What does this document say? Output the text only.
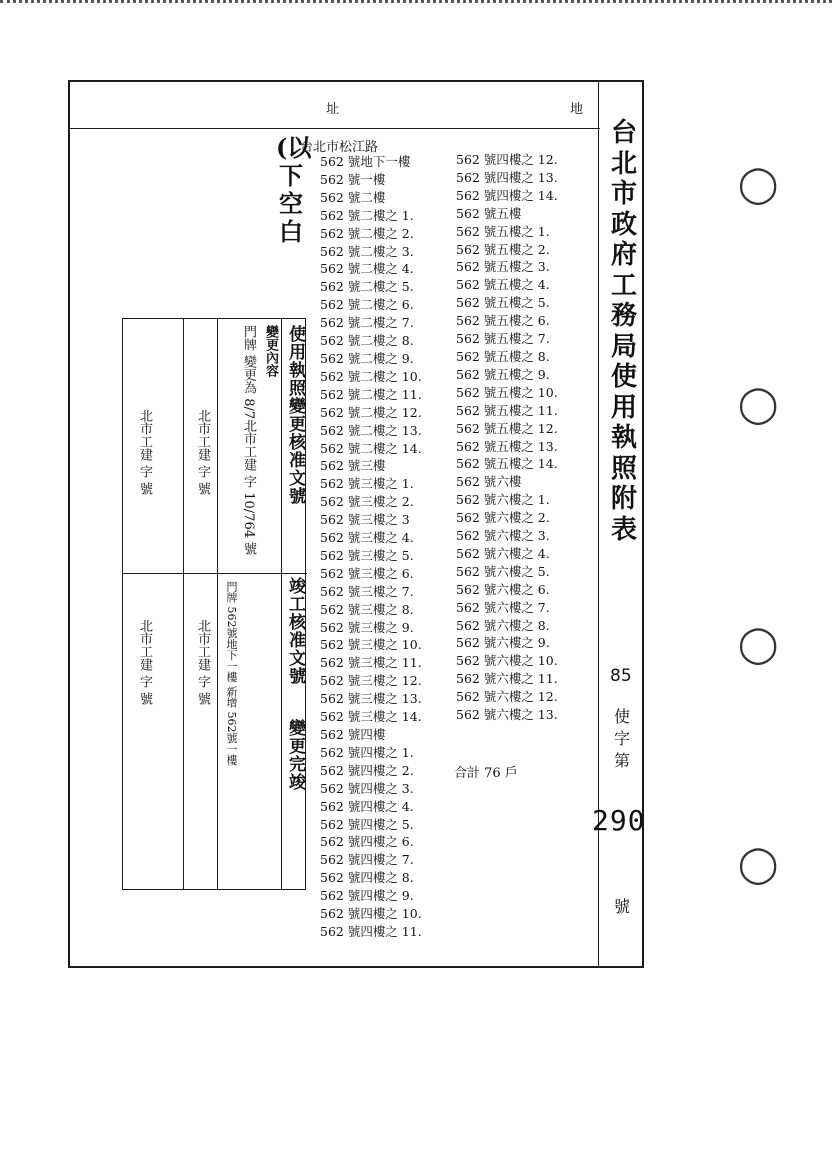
址	地
台北市政府工務局使用執照附表
85
使字第
290
號
台北市松江路
(以下空白
562 號地下一樓
562 號一樓
562 號二樓
562 號二樓之 1.
562 號二樓之 2.
562 號二樓之 3.
562 號二樓之 4.
562 號二樓之 5.
562 號二樓之 6.
562 號二樓之 7.
562 號二樓之 8.
562 號二樓之 9.
562 號二樓之 10.
562 號二樓之 11.
562 號二樓之 12.
562 號二樓之 13.
562 號二樓之 14.
562 號三樓
562 號三樓之 1.
562 號三樓之 2.
562 號三樓之 3
562 號三樓之 4.
562 號三樓之 5.
562 號三樓之 6.
562 號三樓之 7.
562 號三樓之 8.
562 號三樓之 9.
562 號三樓之 10.
562 號三樓之 11.
562 號三樓之 12.
562 號三樓之 13.
562 號三樓之 14.
562 號四樓
562 號四樓之 1.
562 號四樓之 2.
562 號四樓之 3.
562 號四樓之 4.
562 號四樓之 5.
562 號四樓之 6.
562 號四樓之 7.
562 號四樓之 8.
562 號四樓之 9.
562 號四樓之 10.
562 號四樓之 11.
562 號四樓之 12.
562 號四樓之 13.
562 號四樓之 14.
562 號五樓
562 號五樓之 1.
562 號五樓之 2.
562 號五樓之 3.
562 號五樓之 4.
562 號五樓之 5.
562 號五樓之 6.
562 號五樓之 7.
562 號五樓之 8.
562 號五樓之 9.
562 號五樓之 10.
562 號五樓之 11.
562 號五樓之 12.
562 號五樓之 13.
562 號五樓之 14.
562 號六樓
562 號六樓之 1.
562 號六樓之 2.
562 號六樓之 3.
562 號六樓之 4.
562 號六樓之 5.
562 號六樓之 6.
562 號六樓之 7.
562 號六樓之 8.
562 號六樓之 9.
562 號六樓之 10.
562 號六樓之 11.
562 號六樓之 12.
562 號六樓之 13.
合計 76 戶
使用執照變更核准文號
竣工核准文號
變更完竣
變更內容
門牌 變更為 8/7
北市工建 字 10/764 號
北市工建 字 號
北市工建 字 號
門牌 562號地下一樓 新增 562號一樓
北市工建 字 號
北市工建 字 號
◯
◯
◯
◯
